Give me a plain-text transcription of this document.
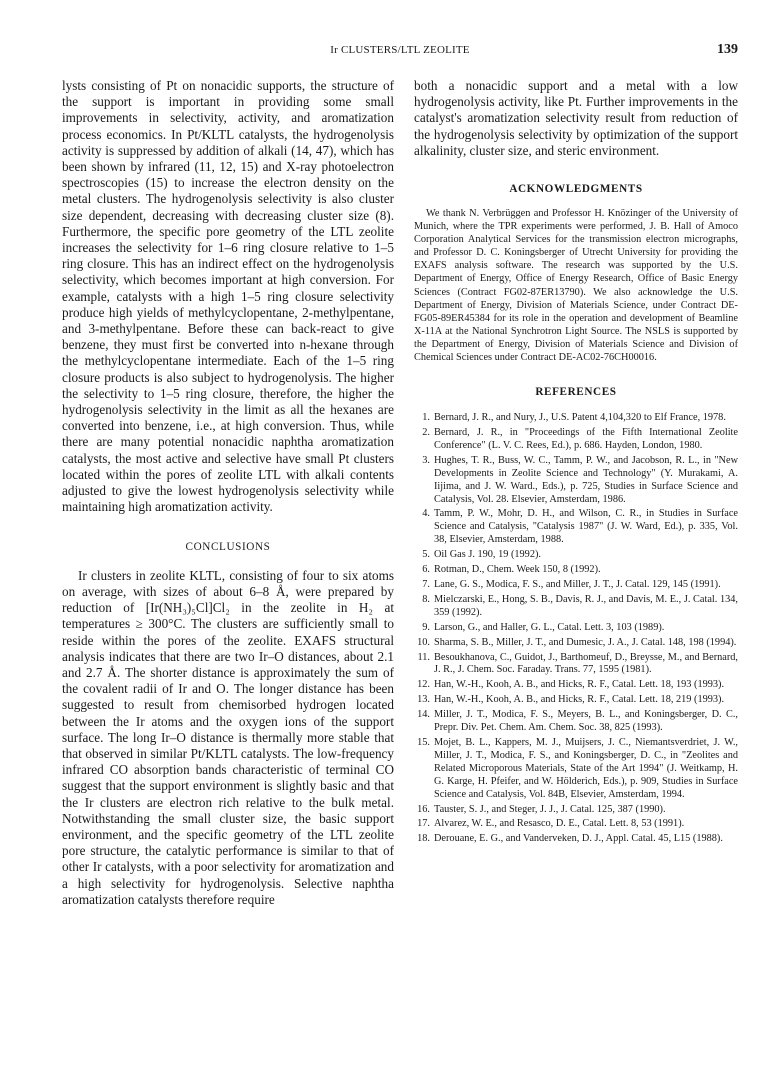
Ir CLUSTERS/LTL ZEOLITE	139

lysts consisting of Pt on nonacidic supports, the structure of the support is important in providing some small improvements in selectivity, activity, and aromatization process economics. In Pt/KLTL catalysts, the hydrogenolysis activity is suppressed by addition of alkali (14, 47), which has been shown by infrared (11, 12, 15) and X-ray photoelectron spectroscopies (15) to increase the electron density on the metal clusters. The hydrogenolysis selectivity is also cluster size dependent, decreasing with decreasing cluster size (8). Furthermore, the specific pore geometry of the LTL zeolite increases the selectivity for 1–6 ring closure relative to 1–5 ring closure. This has an indirect effect on the hydrogenolysis selectivity, which becomes important at high conversion. For example, catalysts with a high 1–5 ring closure selectivity produce high yields of methylcyclopentane, 2-methylpentane, and 3-methylpentane. Before these can back-react to give benzene, they must first be converted into n-hexane through the methylcyclopentane intermediate. Each of the 1–5 ring closure products is also subject to hydrogenolysis. The higher the selectivity to 1–5 ring closure, therefore, the higher the hydrogenolysis selectivity in the limit as all the hexanes are converted into benzene, i.e., at high conversion. Thus, while there are many potential nonacidic naphtha aromatization catalysts, the most active and selective have small Pt clusters located within the pores of zeolite LTL with alkali contents adjusted to give the lowest hydrogenolysis selectivity while maintaining high aromatization activity.

CONCLUSIONS

Ir clusters in zeolite KLTL, consisting of four to six atoms on average, with sizes of about 6–8 Å, were prepared by reduction of [Ir(NH₃)₅Cl]Cl₂ in the zeolite in H₂ at temperatures ≥ 300°C. The clusters are sufficiently small to reside within the pores of the zeolite. EXAFS structural analysis indicates that there are two Ir–O distances, about 2.1 and 2.7 Å. The shorter distance is approximately the sum of the covalent radii of Ir and O. The longer distance has been suggested to result from chemisorbed hydrogen located between the Ir atoms and the oxygen ions of the support surface. The long Ir–O distance is thermally more stable that that observed in similar Pt/KLTL catalysts. The low-frequency infrared CO absorption bands characteristic of terminal CO suggest that the support environment is slightly basic and that the Ir clusters are electron rich relative to the bulk metal. Notwithstanding the small cluster size, the basic support environment, and the specific geometry of the LTL zeolite pore structure, the catalytic performance is similar to that of other Ir catalysts, with a poor selectivity for aromatization and a high selectivity for hydrogenolysis. Selective naphtha aromatization catalysts therefore require

both a nonacidic support and a metal with a low hydrogenolysis activity, like Pt. Further improvements in the catalyst's aromatization selectivity result from reduction of the hydrogenolysis selectivity by optimization of the support alkalinity, cluster size, and steric environment.

ACKNOWLEDGMENTS

We thank N. Verbrüggen and Professor H. Knözinger of the University of Munich, where the TPR experiments were performed, J. B. Hall of Amoco Corporation Analytical Services for the transmission electron micrographs, and Professor D. C. Koningsberger of Utrecht University for providing the EXAFS analysis software. The research was supported by the U.S. Department of Energy, Office of Energy Research, Office of Basic Energy Sciences (Contract FG02-87ER13790). We also acknowledge the U.S. Department of Energy, Division of Materials Science, under Contract DE-FG05-89ER45384 for its role in the operation and development of Beamline X-11A at the National Synchrotron Light Source. The NSLS is supported by the Department of Energy, Division of Materials Science and Division of Chemical Sciences under Contract DE-AC02-76CH00016.

REFERENCES
1. Bernard, J. R., and Nury, J., U.S. Patent 4,104,320 to Elf France, 1978.
2. Bernard, J. R., in "Proceedings of the Fifth International Zeolite Conference" (L. V. C. Rees, Ed.), p. 686. Hayden, London, 1980.
3. Hughes, T. R., Buss, W. C., Tamm, P. W., and Jacobson, R. L., in "New Developments in Zeolite Science and Technology" (Y. Murakami, A. Iijima, and J. W. Ward., Eds.), p. 725, Studies in Surface Science and Catalysis, Vol. 28. Elsevier, Amsterdam, 1986.
4. Tamm, P. W., Mohr, D. H., and Wilson, C. R., in Studies in Surface Science and Catalysis, "Catalysis 1987" (J. W. Ward, Ed.), p. 335, Vol. 38, Elsevier, Amsterdam, 1988.
5. Oil Gas J. 190, 19 (1992).
6. Rotman, D., Chem. Week 150, 8 (1992).
7. Lane, G. S., Modica, F. S., and Miller, J. T., J. Catal. 129, 145 (1991).
8. Mielczarski, E., Hong, S. B., Davis, R. J., and Davis, M. E., J. Catal. 134, 359 (1992).
9. Larson, G., and Haller, G. L., Catal. Lett. 3, 103 (1989).
10. Sharma, S. B., Miller, J. T., and Dumesic, J. A., J. Catal. 148, 198 (1994).
11. Besoukhanova, C., Guidot, J., Barthomeuf, D., Breysse, M., and Bernard, J. R., J. Chem. Soc. Faraday. Trans. 77, 1595 (1981).
12. Han, W.-H., Kooh, A. B., and Hicks, R. F., Catal. Lett. 18, 193 (1993).
13. Han, W.-H., Kooh, A. B., and Hicks, R. F., Catal. Lett. 18, 219 (1993).
14. Miller, J. T., Modica, F. S., Meyers, B. L., and Koningsberger, D. C., Prepr. Div. Pet. Chem. Am. Chem. Soc. 38, 825 (1993).
15. Mojet, B. L., Kappers, M. J., Muijsers, J. C., Niemantsverdriet, J. W., Miller, J. T., Modica, F. S., and Koningsberger, D. C., in "Zeolites and Related Microporous Materials, State of the Art 1994" (J. Weitkamp, H. G. Karge, H. Pfeifer, and W. Hölderich, Eds.), p. 909, Studies in Surface Science and Catalysis, Vol. 84B, Elsevier, Amsterdam, 1994.
16. Tauster, S. J., and Steger, J. J., J. Catal. 125, 387 (1990).
17. Alvarez, W. E., and Resasco, D. E., Catal. Lett. 8, 53 (1991).
18. Derouane, E. G., and Vanderveken, D. J., Appl. Catal. 45, L15 (1988).
